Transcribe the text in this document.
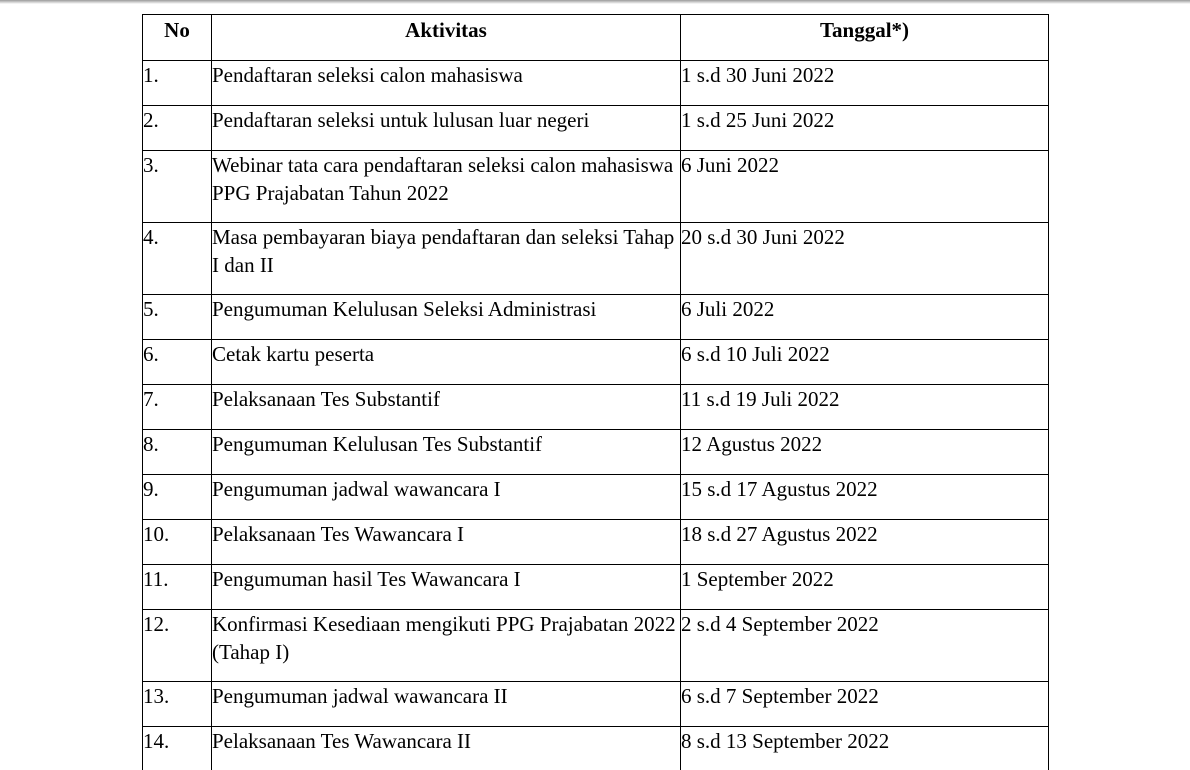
No	Aktivitas	Tanggal*)
1.	Pendaftaran seleksi calon mahasiswa	1 s.d 30 Juni 2022
2.	Pendaftaran seleksi untuk lulusan luar negeri	1 s.d 25 Juni 2022
3.	Webinar tata cara pendaftaran seleksi calon mahasiswa PPG Prajabatan Tahun 2022	6 Juni 2022
4.	Masa pembayaran biaya pendaftaran dan seleksi Tahap I dan II	20 s.d 30 Juni 2022
5.	Pengumuman Kelulusan Seleksi Administrasi	6 Juli 2022
6.	Cetak kartu peserta	6 s.d 10 Juli 2022
7.	Pelaksanaan Tes Substantif	11 s.d 19 Juli 2022
8.	Pengumuman Kelulusan Tes Substantif	12 Agustus 2022
9.	Pengumuman jadwal wawancara I	15 s.d 17 Agustus 2022
10.	Pelaksanaan Tes Wawancara I	18 s.d 27 Agustus 2022
11.	Pengumuman hasil Tes Wawancara I	1 September 2022
12.	Konfirmasi Kesediaan mengikuti PPG Prajabatan 2022 (Tahap I)	2 s.d 4 September 2022
13.	Pengumuman jadwal wawancara II	6 s.d 7 September 2022
14.	Pelaksanaan Tes Wawancara II	8 s.d 13 September 2022
